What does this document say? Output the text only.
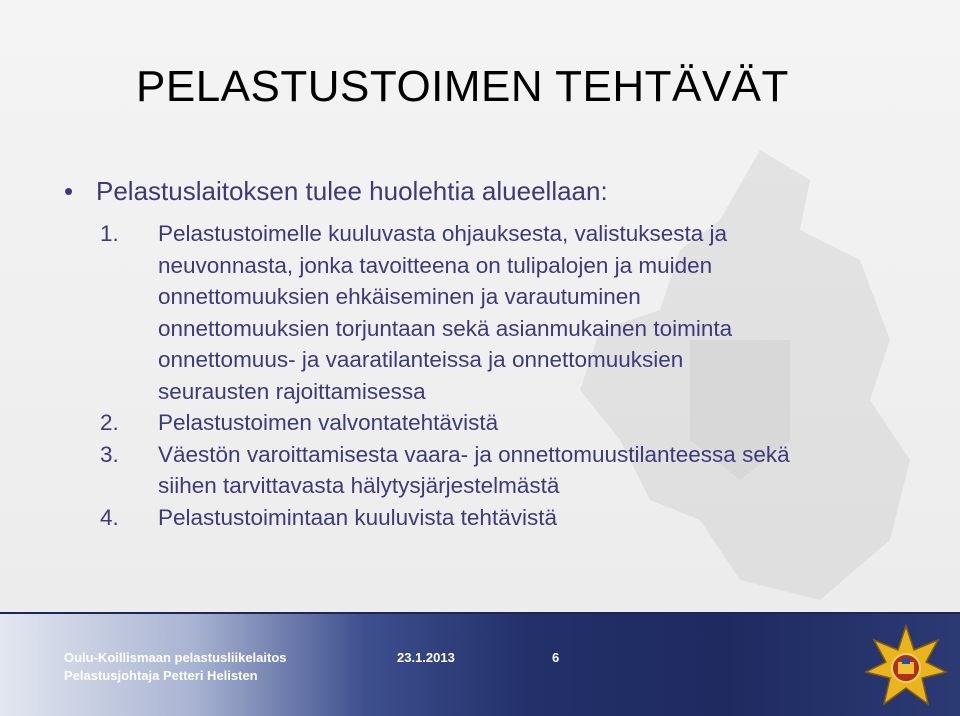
PELASTUSTOIMEN TEHTÄVÄT
• Pelastuslaitoksen tulee huolehtia alueellaan:
1. Pelastustoimelle kuuluvasta ohjauksesta, valistuksesta ja
neuvonnasta, jonka tavoitteena on tulipalojen ja muiden
onnettomuuksien ehkäiseminen ja varautuminen
onnettomuuksien torjuntaan sekä asianmukainen toiminta
onnettomuus- ja vaaratilanteissa ja onnettomuuksien
seurausten rajoittamisessa
2. Pelastustoimen valvontatehtävistä
3. Väestön varoittamisesta vaara- ja onnettomuustilanteessa sekä
siihen tarvittavasta hälytysjärjestelmästä
4. Pelastustoimintaan kuuluvista tehtävistä
Oulu-Koillismaan pelastusliikelaitos
Pelastusjohtaja Petteri Helisten
23.1.2013	6
